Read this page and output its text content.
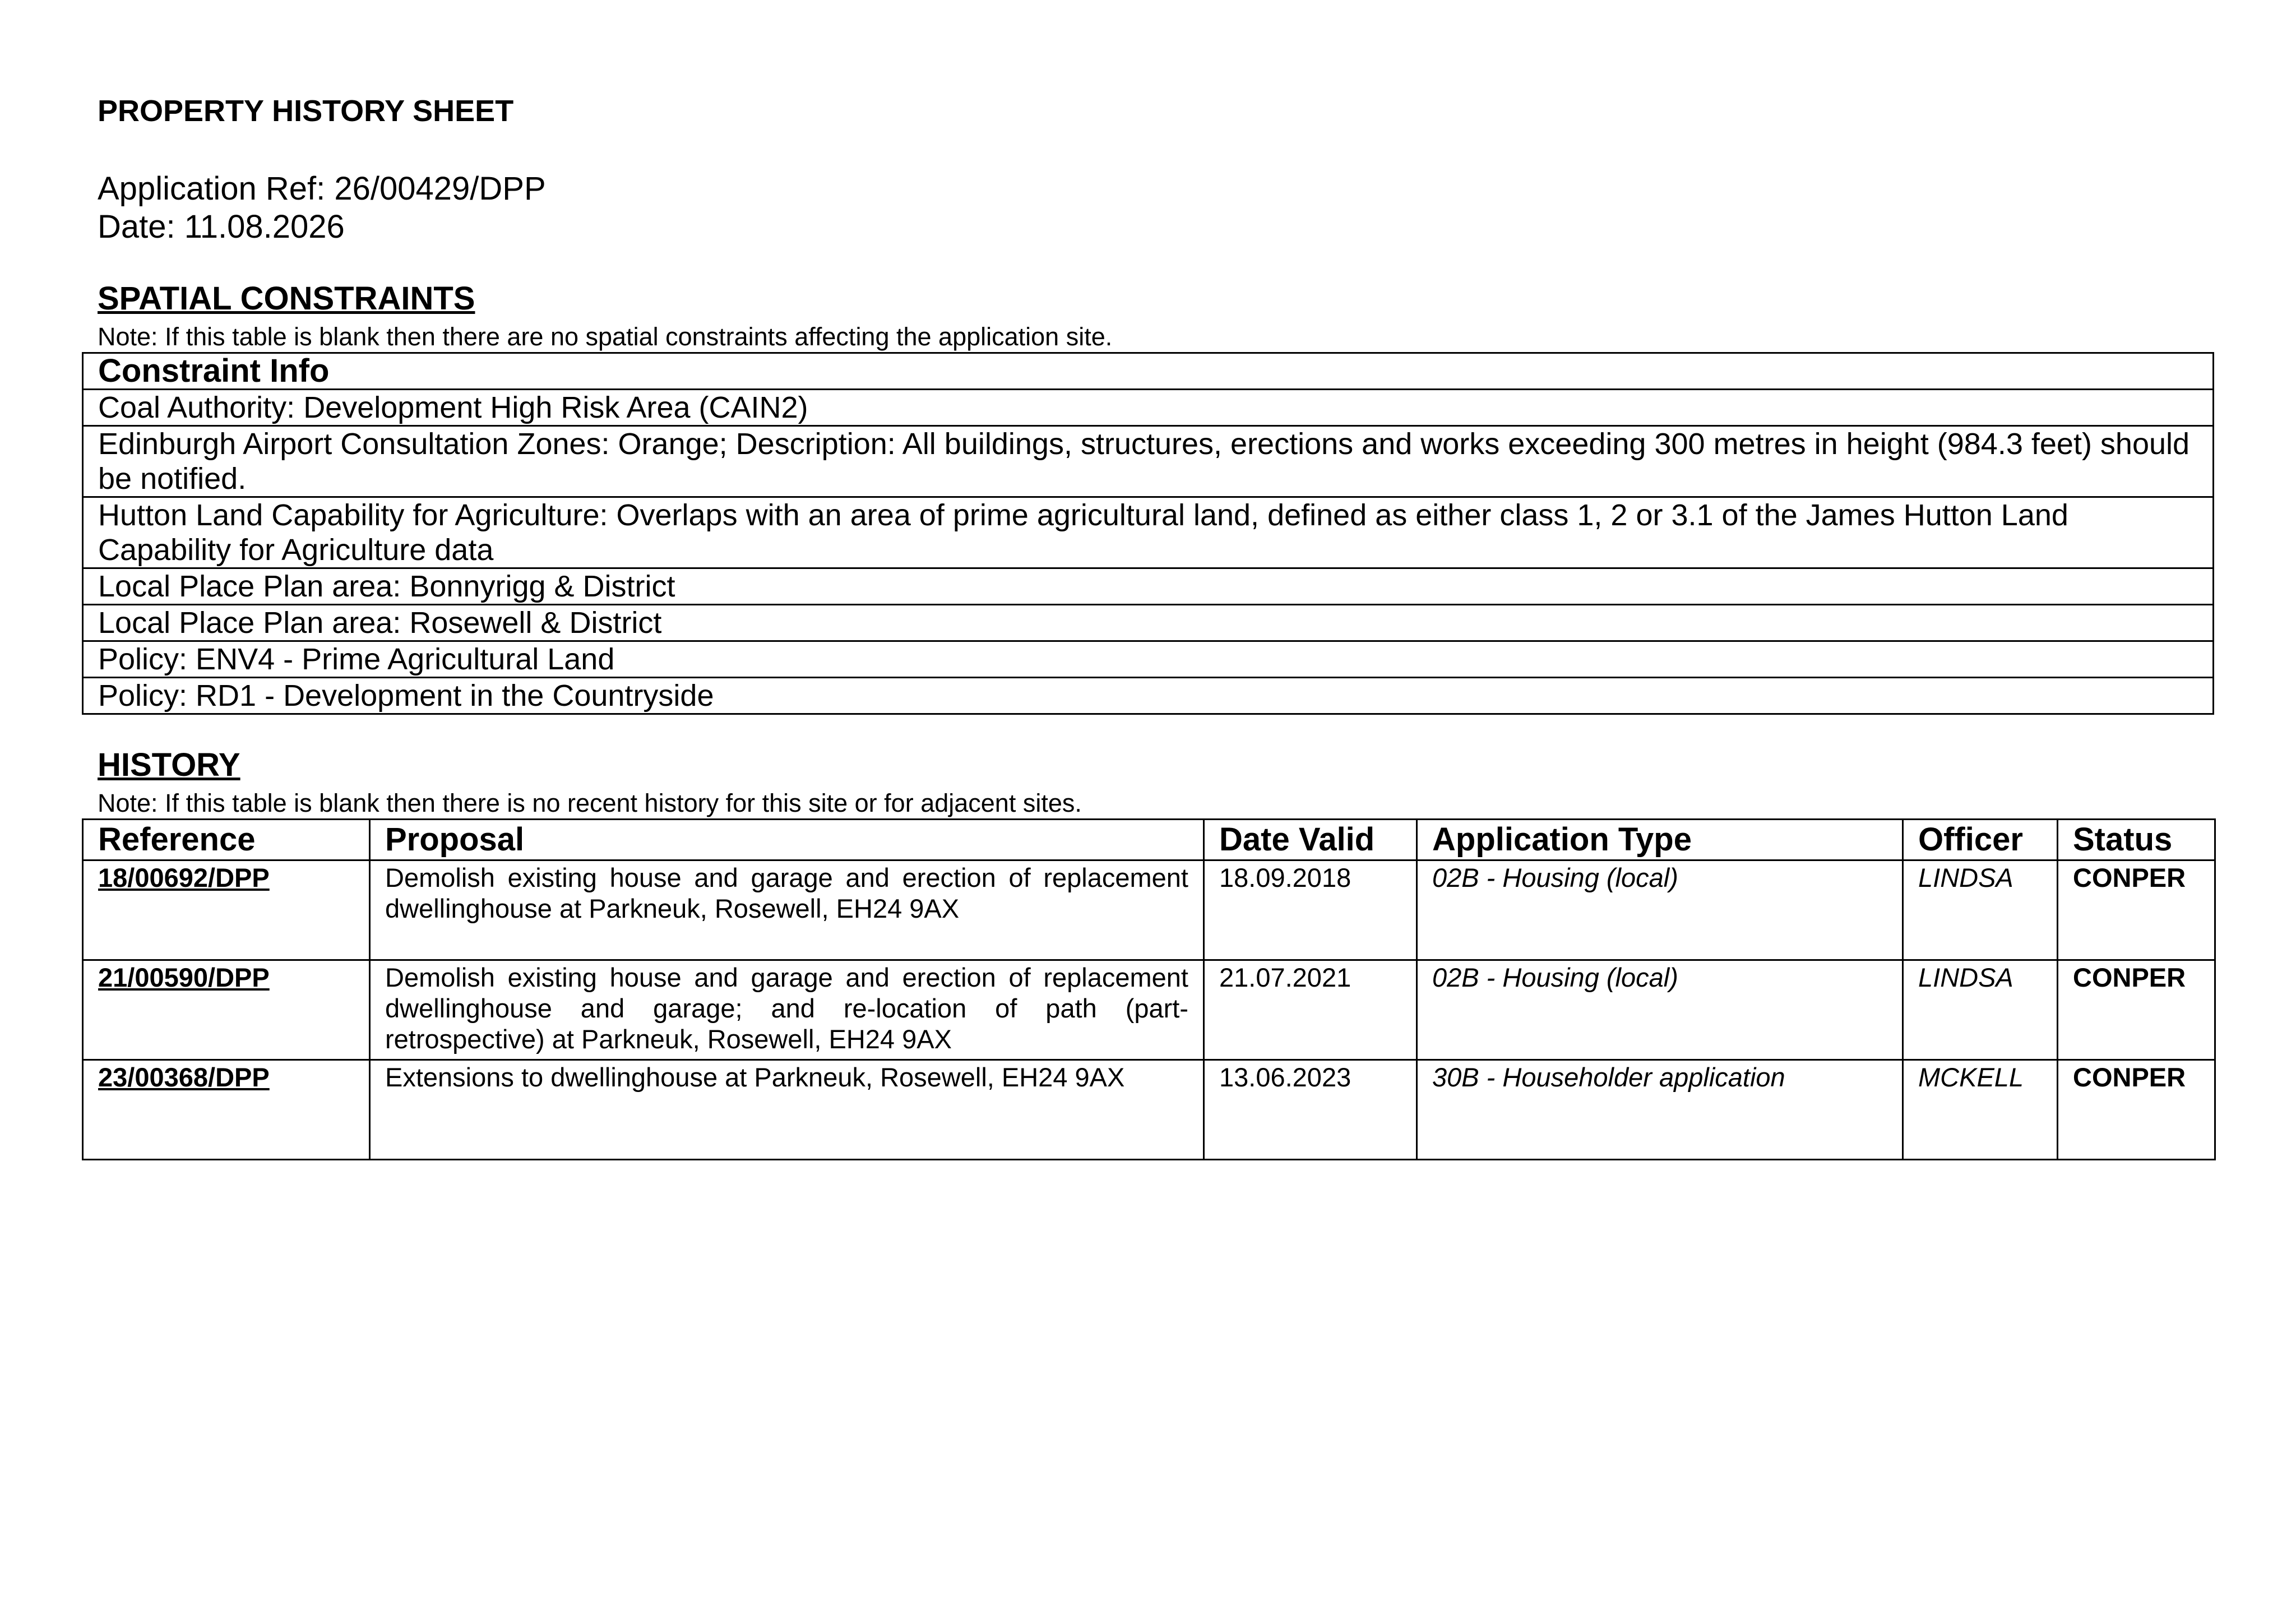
PROPERTY HISTORY SHEET
Application Ref: 26/00429/DPP
Date: 11.08.2026
SPATIAL CONSTRAINTS
Note: If this table is blank then there are no spatial constraints affecting the application site.
Constraint Info
Coal Authority: Development High Risk Area (CAIN2)
Edinburgh Airport Consultation Zones: Orange; Description: All buildings, structures, erections and works exceeding 300 metres in height (984.3 feet) should be notified.
Hutton Land Capability for Agriculture: Overlaps with an area of prime agricultural land, defined as either class 1, 2 or 3.1 of the James Hutton Land Capability for Agriculture data
Local Place Plan area: Bonnyrigg & District
Local Place Plan area: Rosewell & District
Policy: ENV4 - Prime Agricultural Land
Policy: RD1 - Development in the Countryside
HISTORY
Note: If this table is blank then there is no recent history for this site or for adjacent sites.
Reference	Proposal	Date Valid	Application Type	Officer	Status
18/00692/DPP	Demolish existing house and garage and erection of replacement dwellinghouse at Parkneuk, Rosewell, EH24 9AX	18.09.2018	02B - Housing (local)	LINDSA	CONPER
21/00590/DPP	Demolish existing house and garage and erection of replacement dwellinghouse and garage; and re-location of path (part-retrospective) at Parkneuk, Rosewell, EH24 9AX	21.07.2021	02B - Housing (local)	LINDSA	CONPER
23/00368/DPP	Extensions to dwellinghouse at Parkneuk, Rosewell, EH24 9AX	13.06.2023	30B - Householder application	MCKELL	CONPER
